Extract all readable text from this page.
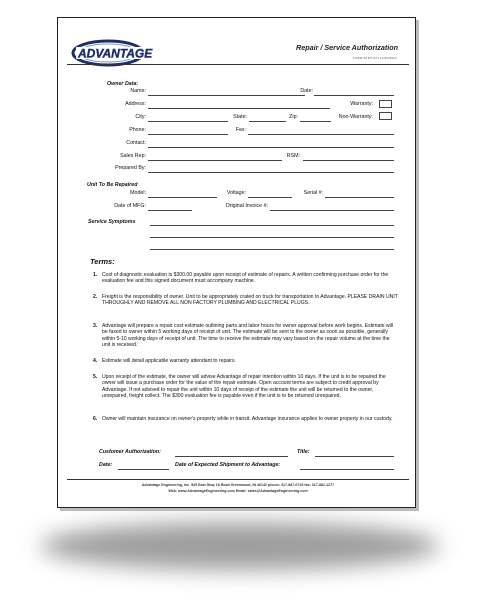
ADVANTAGE	Repair / Service Authorization
FORM #ADV-071 12/20/2021
Owner Data:
Name:	Date:
Address:	Warranty:
City:	State:	Zip:	Non-Warranty:
Phone:	Fax:
Contact:
Sales Rep:	RSM:
Prepared By:
Unit To Be Repaired
Model:	Voltage:	Serial #:
Date of MFG:	Original Invoice #:
Service Symptoms
Terms:
1. Cost of diagnostic evaluation is $300.00 payable upon receipt of estimate of repairs. A written confirming purchase order for the evaluation fee and this signed document must accompany machine.
2. Freight is the responsibility of owner. Unit to be appropriately crated on truck for transportation to Advantage. PLEASE DRAIN UNIT THROUGHLY AND REMOVE ALL NON FACTORY PLUMBING AND ELECTRICAL PLUGS.
3. Advantage will prepare a repair cost estimate outlining parts and labor hours for owner approval before work begins. Estimate will be faxed to owner within 5 working days of receipt of unit. The estimate will be sent to the owner as soon as possible, generally within 5-10 working days of receipt of unit. The time to receive the estimate may vary based on the repair volume at the time the unit is received.
4. Estimate will detail applicable warranty attendant to repairs.
5. Upon receipt of the estimate, the owner will advise Advantage of repair intention within 10 days. If the unit is to be repaired the owner will issue a purchase order for the value of the repair estimate. Open account terms are subject to credit approval by Advantage. If not advised to repair the unit within 10 days of receipt of the estimate the unit will be returned to the owner, unrepaired, freight collect. The $300 evaluation fee is payable even if the unit is to be returned unrepaired.
6. Owner will maintain insurance on owner's property while in transit. Advantage insurance applies to owner property in our custody.
Customer Authorization:	Title:
Date:	Date of Expected Shipment to Advantage:
Advantage Engineering, Inc. 525 East Stop 18 Road Greenwood, IN 46142 phone: 317-887-0729 fax: 317-881-1277
Web: www.AdvantageEngineering.com Email: sales@AdvantageEngineering.com
